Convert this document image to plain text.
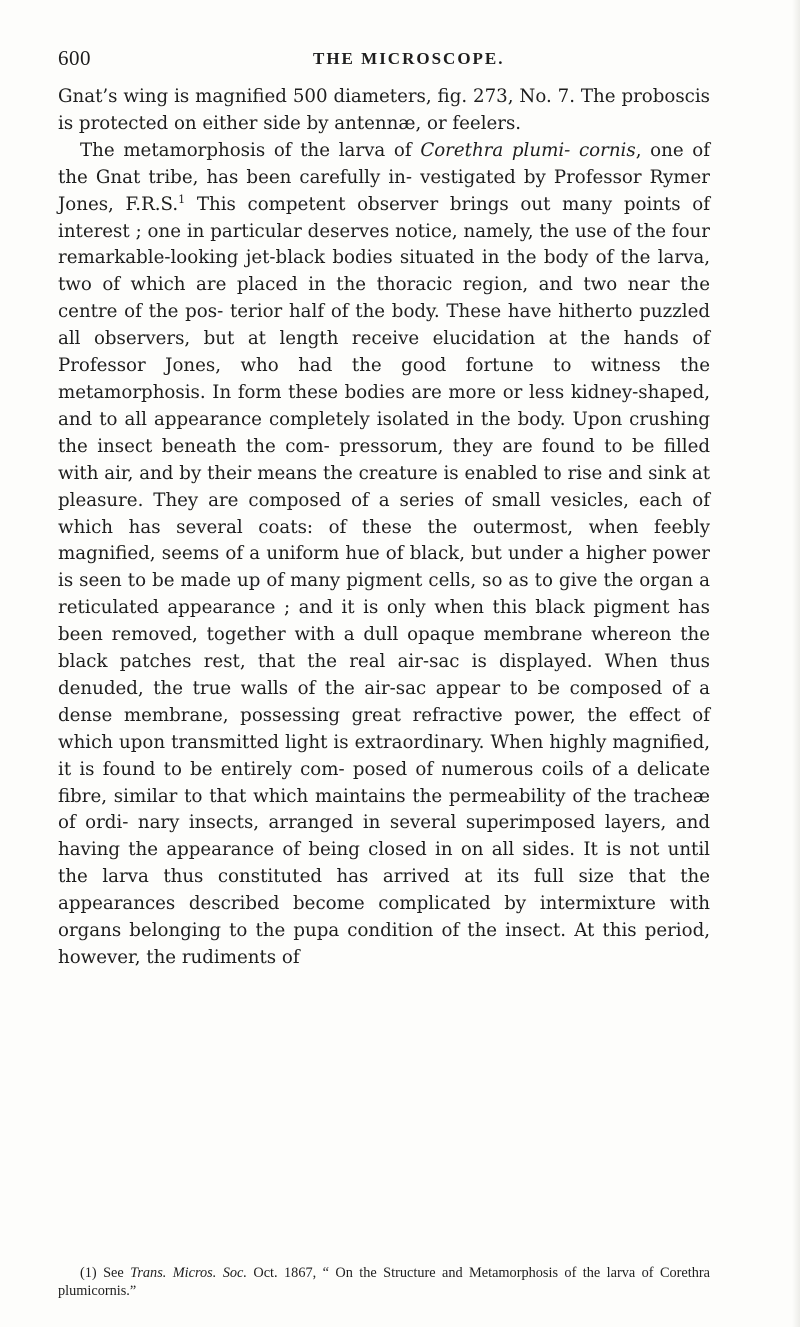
600	THE MICROSCOPE.

Gnat’s wing is magnified 500 diameters, fig. 273, No. 7. The proboscis is protected on either side by antennæ, or feelers.

The metamorphosis of the larva of Corethra plumi- cornis, one of the Gnat tribe, has been carefully in- vestigated by Professor Rymer Jones, F.R.S.$^1$ This competent observer brings out many points of interest ; one in particular deserves notice, namely, the use of the four remarkable-looking jet-black bodies situated in the body of the larva, two of which are placed in the thoracic region, and two near the centre of the pos- terior half of the body. These have hitherto puzzled all observers, but at length receive elucidation at the hands of Professor Jones, who had the good fortune to witness the metamorphosis. In form these bodies are more or less kidney-shaped, and to all appearance completely isolated in the body. Upon crushing the insect beneath the com- pressorum, they are found to be filled with air, and by their means the creature is enabled to rise and sink at pleasure. They are composed of a series of small vesicles, each of which has several coats: of these the outermost, when feebly magnified, seems of a uniform hue of black, but under a higher power is seen to be made up of many pigment cells, so as to give the organ a reticulated appearance ; and it is only when this black pigment has been removed, together with a dull opaque membrane whereon the black patches rest, that the real air-sac is displayed. When thus denuded, the true walls of the air-sac appear to be composed of a dense membrane, possessing great refractive power, the effect of which upon transmitted light is extraordinary. When highly magnified, it is found to be entirely com- posed of numerous coils of a delicate fibre, similar to that which maintains the permeability of the tracheæ of ordi- nary insects, arranged in several superimposed layers, and having the appearance of being closed in on all sides. It is not until the larva thus constituted has arrived at its full size that the appearances described become complicated by intermixture with organs belonging to the pupa condition of the insect. At this period, however, the rudiments of

(1) See Trans. Micros. Soc. Oct. 1867, “ On the Structure and Metamorphosis of the larva of Corethra plumicornis.”
